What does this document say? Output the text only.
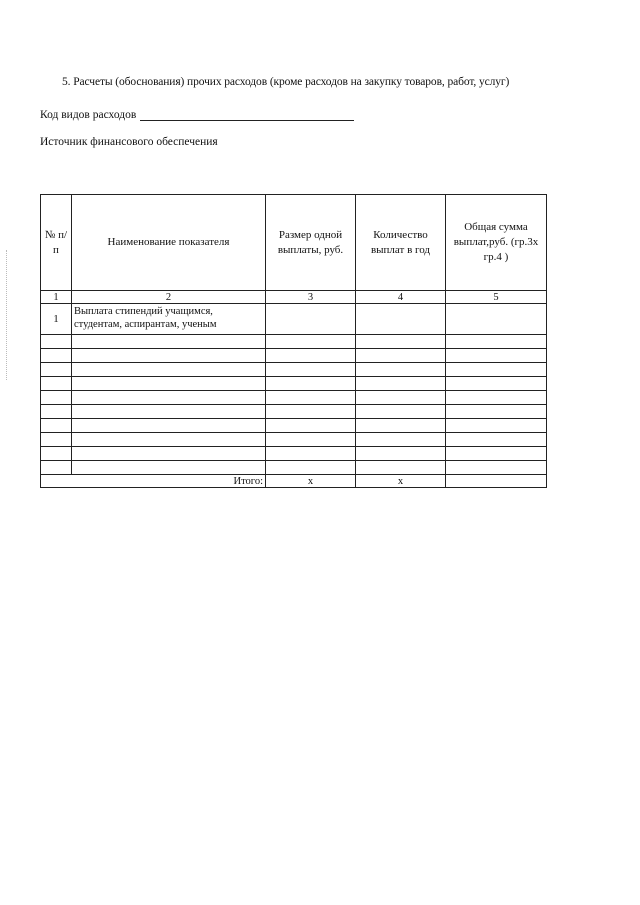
5. Расчеты (обоснования) прочих расходов (кроме расходов на закупку товаров, работ, услуг)
Код видов расходов
Источник финансового обеспечения
№ п/п	Наименование показателя	Размер одной выплаты, руб.	Количество выплат в год	Общая сумма выплат,руб. (гр.3х гр.4 )
1	2	3	4	5
1	Выплата стипендий учащимся, студентам, аспирантам, ученым			

Итого:		x	x	
